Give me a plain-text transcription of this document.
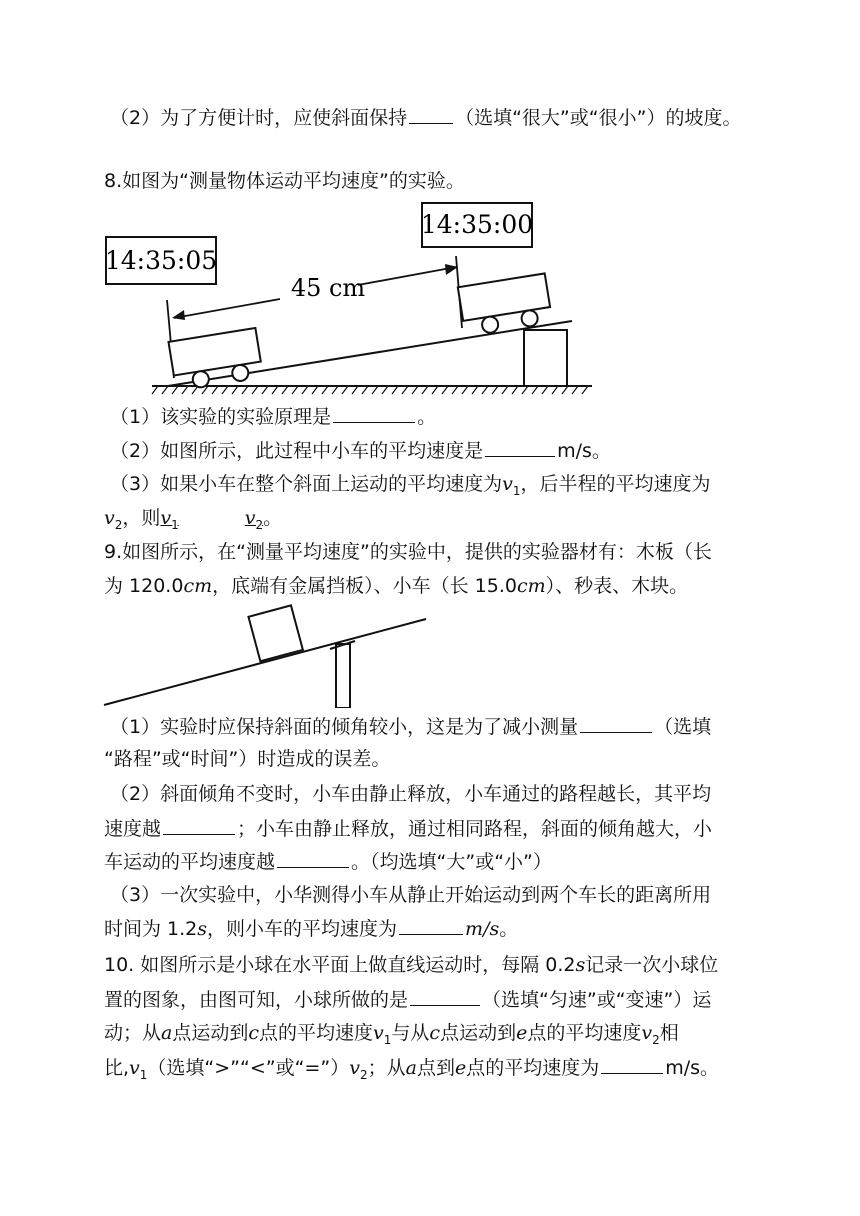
（2）为了方便计时，应使斜面保持	（选填“很大”或“很小”）的坡度。
8.如图为“测量物体运动平均速度”的实验。
14:35:05
14:35:00
45 cm
（1）该实验的实验原理是	。
（2）如图所示，此过程中小车的平均速度是	m/s。
（3）如果小车在整个斜面上运动的平均速度为$v_1$，后半程的平均速度为
$v_2$，则$v_1$	$v_2$。
9.如图所示，在“测量平均速度”的实验中，提供的实验器材有：木板（长
为 120.0cm，底端有金属挡板）、小车（长 15.0cm）、秒表、木块。
（1）实验时应保持斜面的倾角较小，这是为了减小测量	（选填
“路程”或“时间”）时造成的误差。
（2）斜面倾角不变时，小车由静止释放，小车通过的路程越长，其平均
速度越	；小车由静止释放，通过相同路程，斜面的倾角越大，小
车运动的平均速度越	。（均选填“大”或“小”）
（3）一次实验中，小华测得小车从静止开始运动到两个车长的距离所用
时间为 1.2s，则小车的平均速度为	m/s。
10. 如图所示是小球在水平面上做直线运动时，每隔 0.2s记录一次小球位
置的图象，由图可知，小球所做的是	（选填“匀速”或“变速”）运
动；从a点运动到c点的平均速度$v_1$与从c点运动到e点的平均速度$v_2$相
比$,v_1$（选填“>”“<”或“$=”)v_2$；从a点到e点的平均速度为	m/s。
